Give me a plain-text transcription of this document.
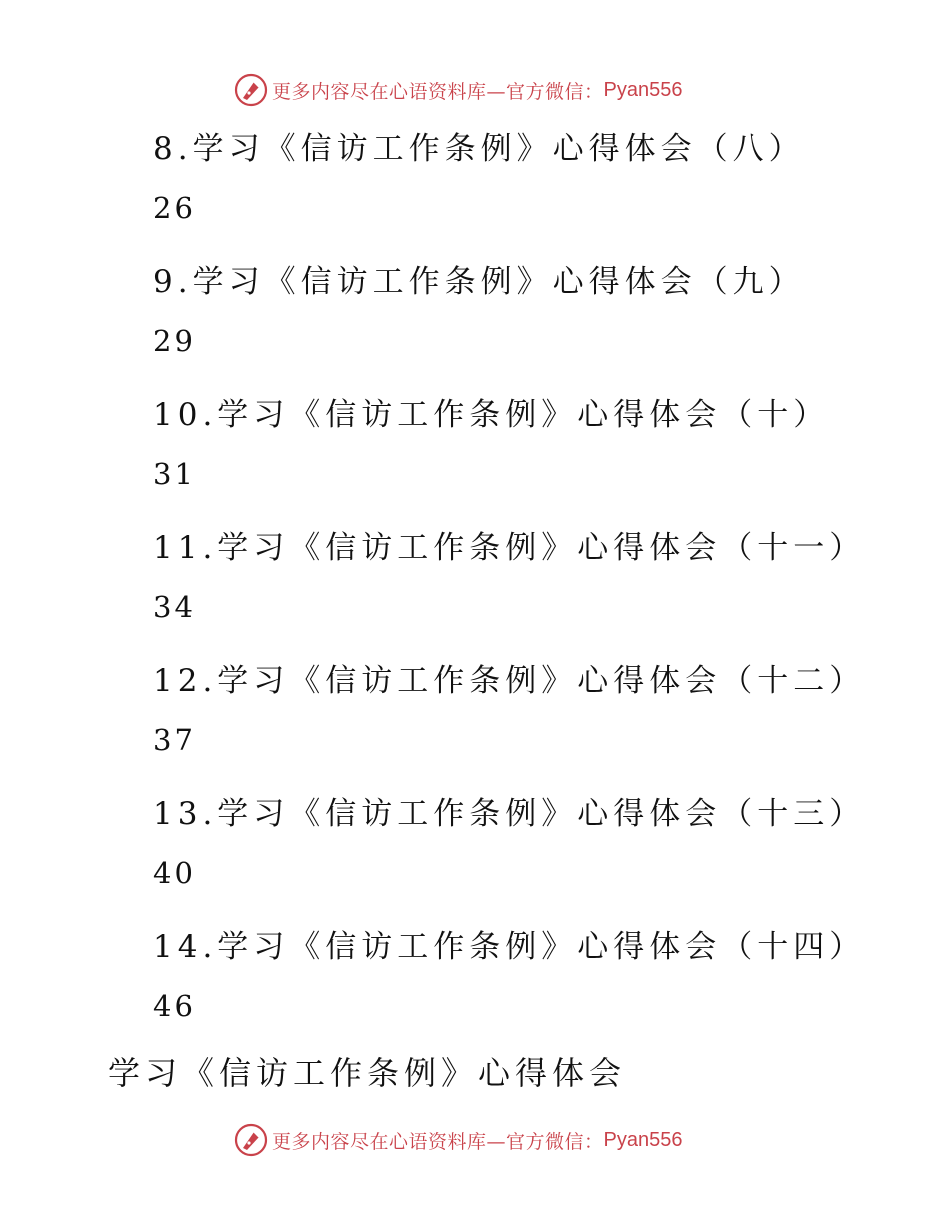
更多内容尽在心语资料库—官方微信： Pyan556
8.学习《信访工作条例》心得体会（八）
26
9.学习《信访工作条例》心得体会（九）
29
10.学习《信访工作条例》心得体会（十）
31
11.学习《信访工作条例》心得体会（十一）
34
12.学习《信访工作条例》心得体会（十二）
37
13.学习《信访工作条例》心得体会（十三）
40
14.学习《信访工作条例》心得体会（十四）
46
学习《信访工作条例》心得体会
更多内容尽在心语资料库—官方微信： Pyan556
